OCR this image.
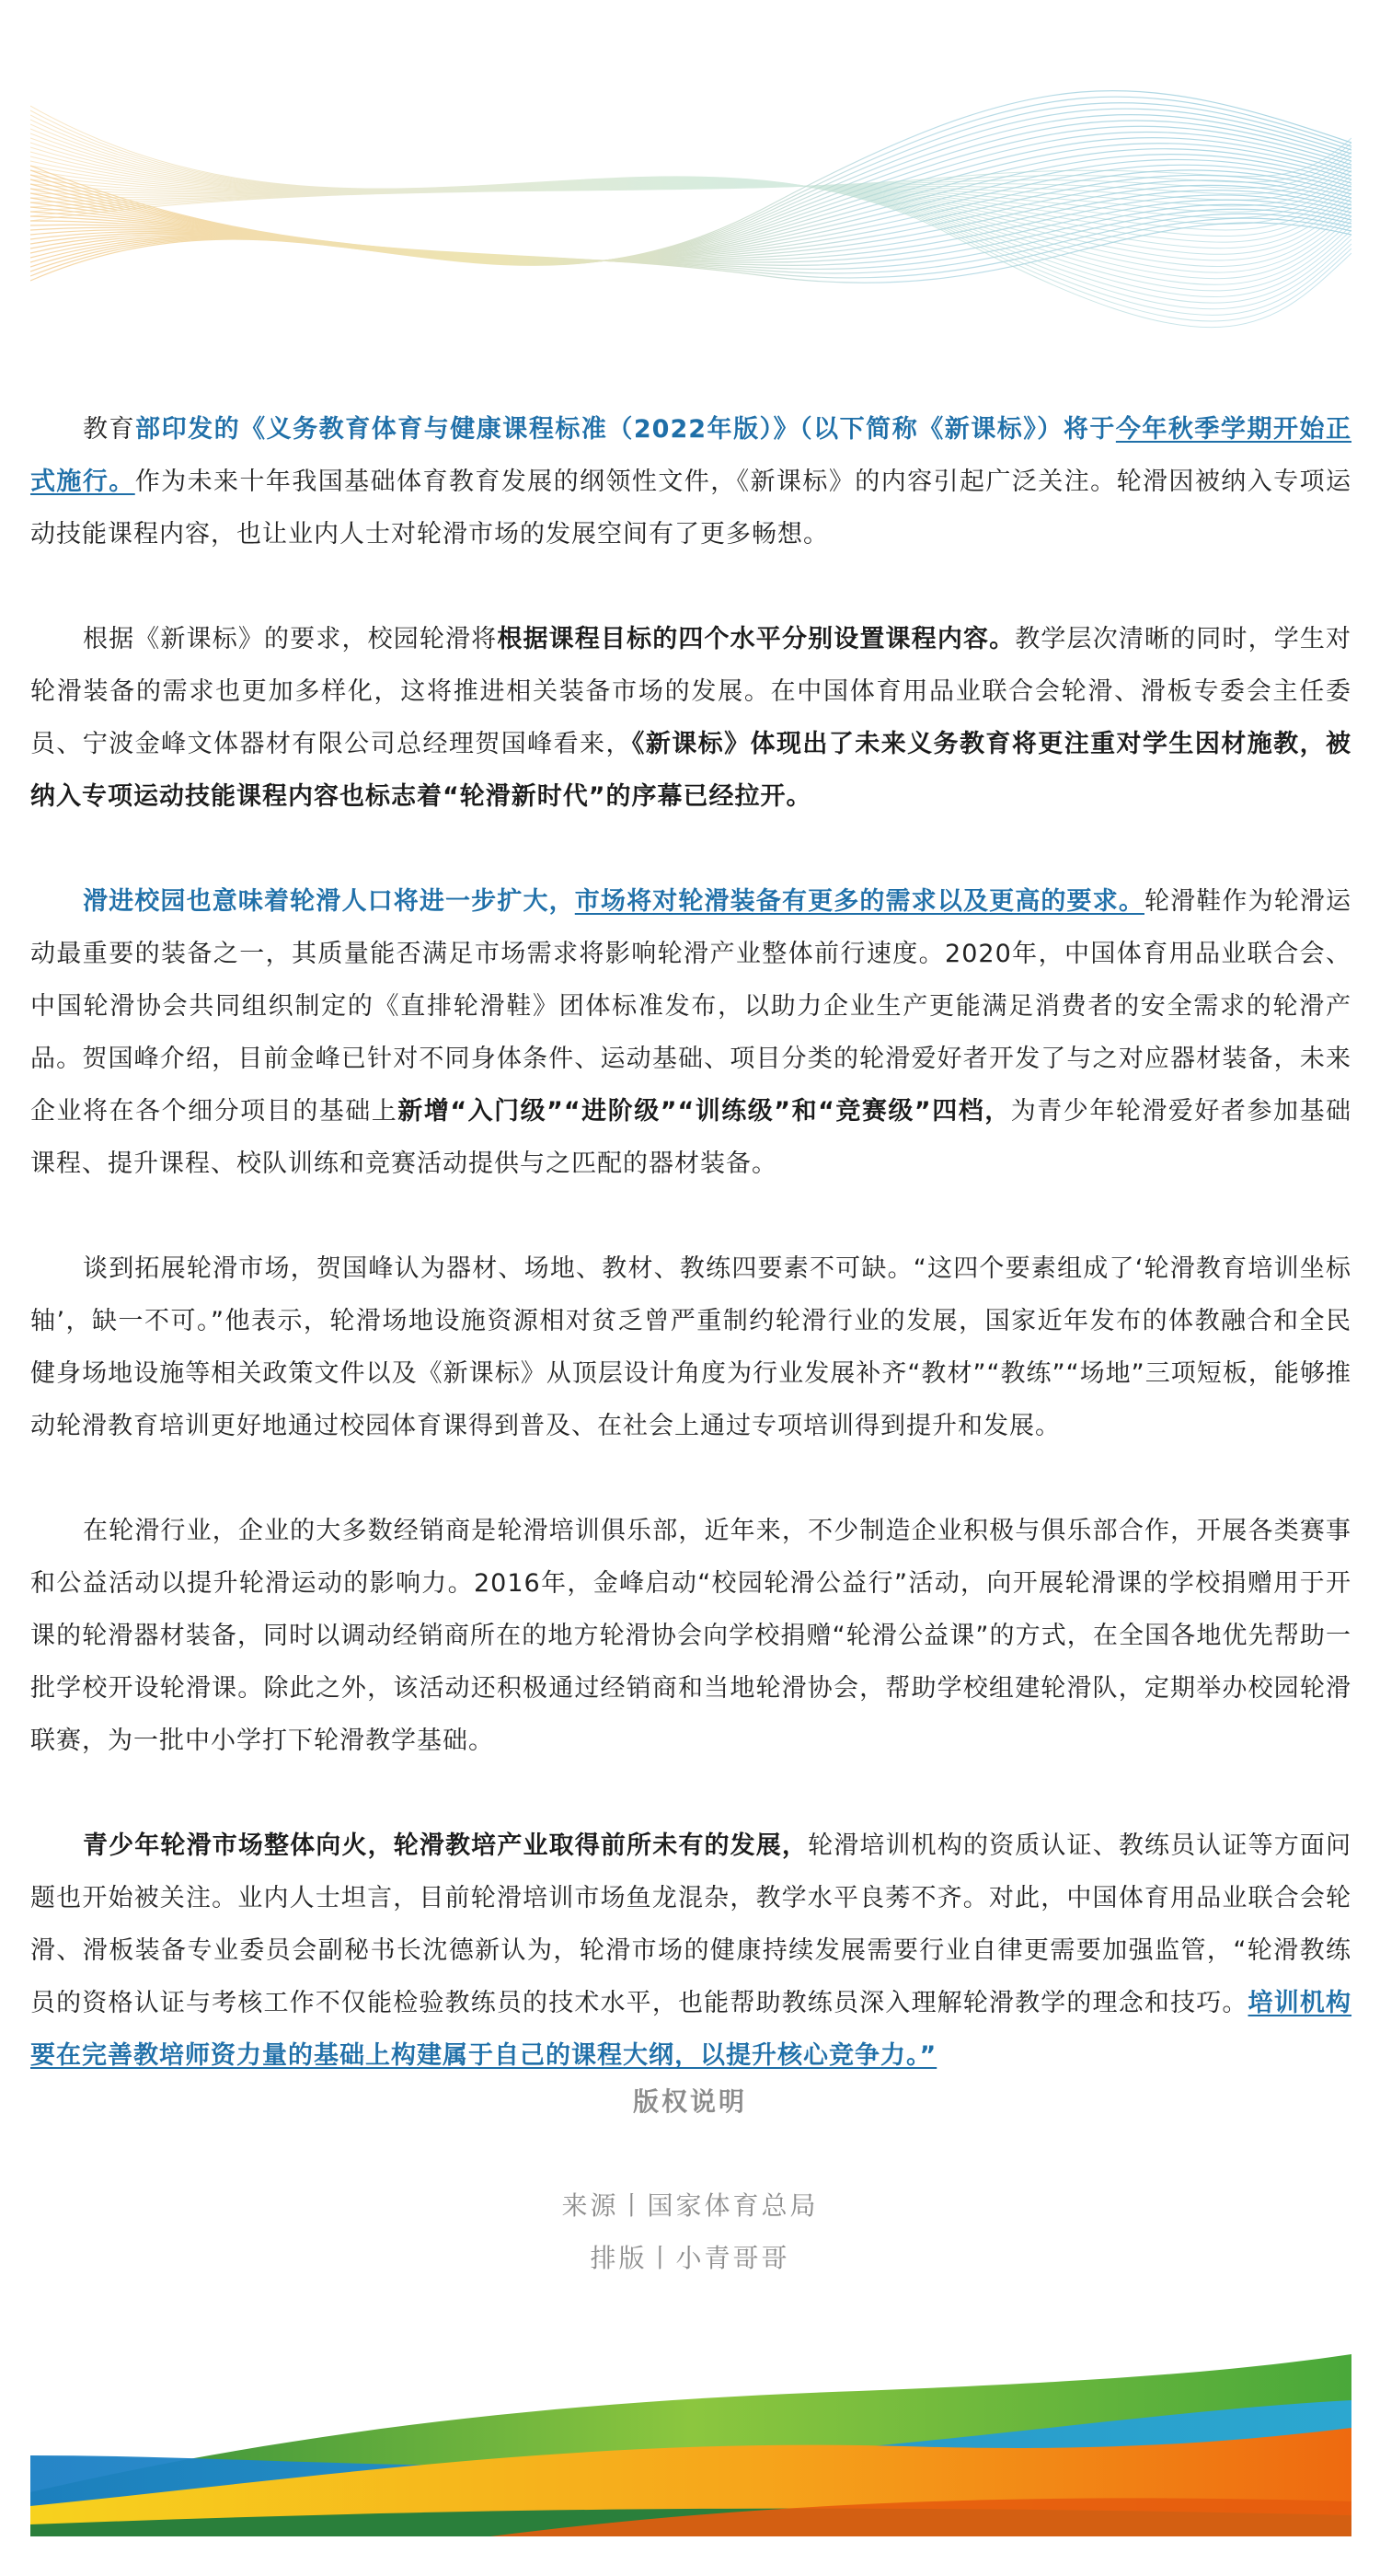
教育部印发的《义务教育体育与健康课程标准（2022年版）》（以下简称《新课标》）将于今年秋季学期开始正式施行。作为未来十年我国基础体育教育发展的纲领性文件，《新课标》的内容引起广泛关注。轮滑因被纳入专项运动技能课程内容，也让业内人士对轮滑市场的发展空间有了更多畅想。

根据《新课标》的要求，校园轮滑将根据课程目标的四个水平分别设置课程内容。教学层次清晰的同时，学生对轮滑装备的需求也更加多样化，这将推进相关装备市场的发展。在中国体育用品业联合会轮滑、滑板专委会主任委员、宁波金峰文体器材有限公司总经理贺国峰看来，《新课标》体现出了未来义务教育将更注重对学生因材施教，被纳入专项运动技能课程内容也标志着“轮滑新时代”的序幕已经拉开。

滑进校园也意味着轮滑人口将进一步扩大，市场将对轮滑装备有更多的需求以及更高的要求。轮滑鞋作为轮滑运动最重要的装备之一，其质量能否满足市场需求将影响轮滑产业整体前行速度。2020年，中国体育用品业联合会、中国轮滑协会共同组织制定的《直排轮滑鞋》团体标准发布，以助力企业生产更能满足消费者的安全需求的轮滑产品。贺国峰介绍，目前金峰已针对不同身体条件、运动基础、项目分类的轮滑爱好者开发了与之对应器材装备，未来企业将在各个细分项目的基础上新增“入门级”“进阶级”“训练级”和“竞赛级”四档，为青少年轮滑爱好者参加基础课程、提升课程、校队训练和竞赛活动提供与之匹配的器材装备。

谈到拓展轮滑市场，贺国峰认为器材、场地、教材、教练四要素不可缺。“这四个要素组成了‘轮滑教育培训坐标轴’，缺一不可。”他表示，轮滑场地设施资源相对贫乏曾严重制约轮滑行业的发展，国家近年发布的体教融合和全民健身场地设施等相关政策文件以及《新课标》从顶层设计角度为行业发展补齐“教材”“教练”“场地”三项短板，能够推动轮滑教育培训更好地通过校园体育课得到普及、在社会上通过专项培训得到提升和发展。

在轮滑行业，企业的大多数经销商是轮滑培训俱乐部，近年来，不少制造企业积极与俱乐部合作，开展各类赛事和公益活动以提升轮滑运动的影响力。2016年，金峰启动“校园轮滑公益行”活动，向开展轮滑课的学校捐赠用于开课的轮滑器材装备，同时以调动经销商所在的地方轮滑协会向学校捐赠“轮滑公益课”的方式，在全国各地优先帮助一批学校开设轮滑课。除此之外，该活动还积极通过经销商和当地轮滑协会，帮助学校组建轮滑队，定期举办校园轮滑联赛，为一批中小学打下轮滑教学基础。

青少年轮滑市场整体向火，轮滑教培产业取得前所未有的发展，轮滑培训机构的资质认证、教练员认证等方面问题也开始被关注。业内人士坦言，目前轮滑培训市场鱼龙混杂，教学水平良莠不齐。对此，中国体育用品业联合会轮滑、滑板装备专业委员会副秘书长沈德新认为，轮滑市场的健康持续发展需要行业自律更需要加强监管，“轮滑教练员的资格认证与考核工作不仅能检验教练员的技术水平，也能帮助教练员深入理解轮滑教学的理念和技巧。培训机构要在完善教培师资力量的基础上构建属于自己的课程大纲，以提升核心竞争力。”

版权说明
来源丨国家体育总局
排版丨小青哥哥
